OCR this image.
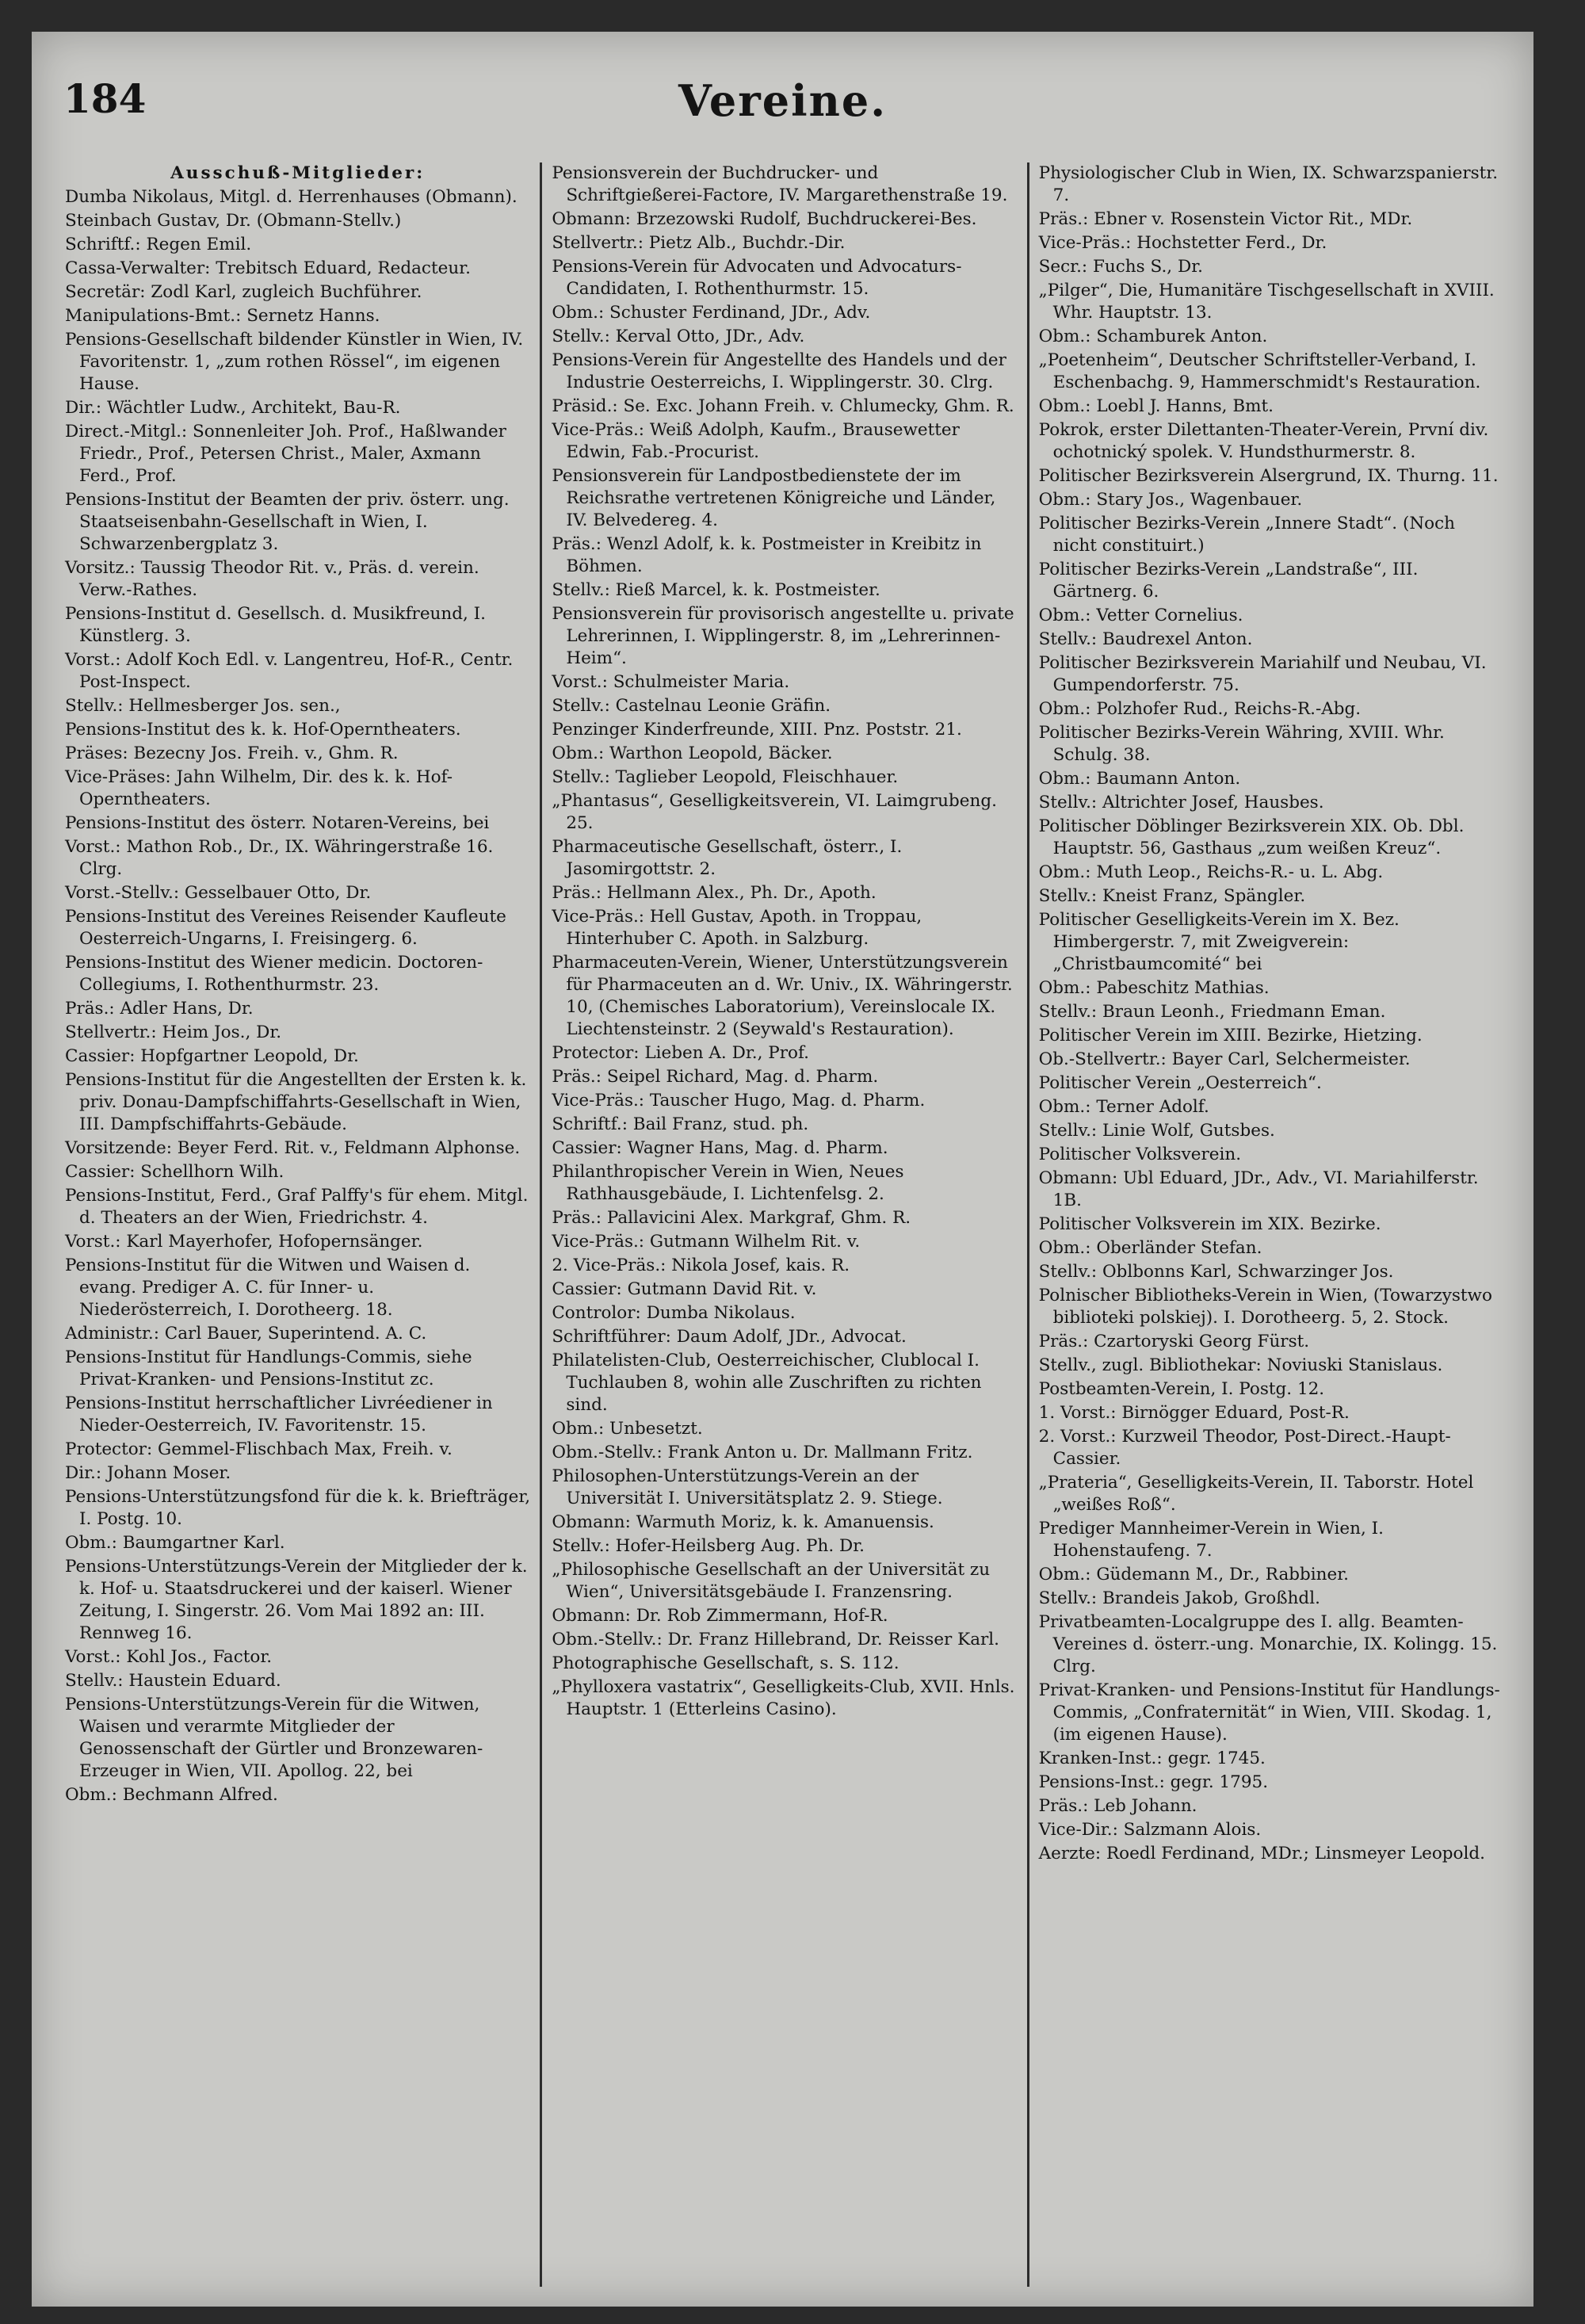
184	Vereine.

Ausschuß-Mitglieder:

Dumba Nikolaus, Mitgl. d. Herrenhauses (Obmann).

Steinbach Gustav, Dr. (Obmann-Stellv.)

Schriftf.: Regen Emil.

Cassa-Verwalter: Trebitsch Eduard, Redacteur.

Secretär: Zodl Karl, zugleich Buchführer.

Manipulations-Bmt.: Sernetz Hanns.

Pensions-Gesellschaft bildender Künstler in Wien, IV. Favoritenstr. 1, „zum rothen Rössel“, im eigenen Hause.

Dir.: Wächtler Ludw., Architekt, Bau-R.

Direct.-Mitgl.: Sonnenleiter Joh. Prof., Haßlwander Friedr., Prof., Petersen Christ., Maler, Axmann Ferd., Prof.

Pensions-Institut der Beamten der priv. österr. ung. Staatseisenbahn-Gesellschaft in Wien, I. Schwarzenbergplatz 3.

Vorsitz.: Taussig Theodor Rit. v., Präs. d. verein. Verw.-Rathes.

Pensions-Institut d. Gesellsch. d. Musikfreund, I. Künstlerg. 3.

Vorst.: Adolf Koch Edl. v. Langentreu, Hof-R., Centr. Post-Inspect.

Stellv.: Hellmesberger Jos. sen.,

Pensions-Institut des k. k. Hof-Operntheaters.

Präses: Bezecny Jos. Freih. v., Ghm. R.

Vice-Präses: Jahn Wilhelm, Dir. des k. k. Hof-Operntheaters.

Pensions-Institut des österr. Notaren-Vereins, bei

Vorst.: Mathon Rob., Dr., IX. Währingerstraße 16. Clrg.

Vorst.-Stellv.: Gesselbauer Otto, Dr.

Pensions-Institut des Vereines Reisender Kaufleute Oesterreich-Ungarns, I. Freisingerg. 6.

Pensions-Institut des Wiener medicin. Doctoren-Collegiums, I. Rothenthurmstr. 23.

Präs.: Adler Hans, Dr.

Stellvertr.: Heim Jos., Dr.

Cassier: Hopfgartner Leopold, Dr.

Pensions-Institut für die Angestellten der Ersten k. k. priv. Donau-Dampfschiffahrts-Gesellschaft in Wien, III. Dampfschiffahrts-Gebäude.

Vorsitzende: Beyer Ferd. Rit. v., Feldmann Alphonse.

Cassier: Schellhorn Wilh.

Pensions-Institut, Ferd., Graf Palffy's für ehem. Mitgl. d. Theaters an der Wien, Friedrichstr. 4.

Vorst.: Karl Mayerhofer, Hofopernsänger.

Pensions-Institut für die Witwen und Waisen d. evang. Prediger A. C. für Inner- u. Niederösterreich, I. Dorotheerg. 18.

Administr.: Carl Bauer, Superintend. A. C.

Pensions-Institut für Handlungs-Commis, siehe Privat-Kranken- und Pensions-Institut zc.

Pensions-Institut herrschaftlicher Livréediener in Nieder-Oesterreich, IV. Favoritenstr. 15.

Protector: Gemmel-Flischbach Max, Freih. v.

Dir.: Johann Moser.

Pensions-Unterstützungsfond für die k. k. Briefträger, I. Postg. 10.

Obm.: Baumgartner Karl.

Pensions-Unterstützungs-Verein der Mitglieder der k. k. Hof- u. Staatsdruckerei und der kaiserl. Wiener Zeitung, I. Singerstr. 26. Vom Mai 1892 an: III. Rennweg 16.

Vorst.: Kohl Jos., Factor.

Stellv.: Haustein Eduard.

Pensions-Unterstützungs-Verein für die Witwen, Waisen und verarmte Mitglieder der Genossenschaft der Gürtler und Bronzewaren-Erzeuger in Wien, VII. Apollog. 22, bei

Obm.: Bechmann Alfred.

Pensionsverein der Buchdrucker- und Schriftgießerei-Factore, IV. Margarethenstraße 19.

Obmann: Brzezowski Rudolf, Buchdruckerei-Bes.

Stellvertr.: Pietz Alb., Buchdr.-Dir.

Pensions-Verein für Advocaten und Advocaturs-Candidaten, I. Rothenthurmstr. 15.

Obm.: Schuster Ferdinand, JDr., Adv.

Stellv.: Kerval Otto, JDr., Adv.

Pensions-Verein für Angestellte des Handels und der Industrie Oesterreichs, I. Wipplingerstr. 30. Clrg.

Präsid.: Se. Exc. Johann Freih. v. Chlumecky, Ghm. R.

Vice-Präs.: Weiß Adolph, Kaufm., Brausewetter Edwin, Fab.-Procurist.

Pensionsverein für Landpostbedienstete der im Reichsrathe vertretenen Königreiche und Länder, IV. Belvedereg. 4.

Präs.: Wenzl Adolf, k. k. Postmeister in Kreibitz in Böhmen.

Stellv.: Rieß Marcel, k. k. Postmeister.

Pensionsverein für provisorisch angestellte u. private Lehrerinnen, I. Wipplingerstr. 8, im „Lehrerinnen-Heim“.

Vorst.: Schulmeister Maria.

Stellv.: Castelnau Leonie Gräfin.

Penzinger Kinderfreunde, XIII. Pnz. Poststr. 21.

Obm.: Warthon Leopold, Bäcker.

Stellv.: Taglieber Leopold, Fleischhauer.

„Phantasus“, Geselligkeitsverein, VI. Laimgrubeng. 25.

Pharmaceutische Gesellschaft, österr., I. Jasomirgottstr. 2.

Präs.: Hellmann Alex., Ph. Dr., Apoth.

Vice-Präs.: Hell Gustav, Apoth. in Troppau, Hinterhuber C. Apoth. in Salzburg.

Pharmaceuten-Verein, Wiener, Unterstützungsverein für Pharmaceuten an d. Wr. Univ., IX. Währingerstr. 10, (Chemisches Laboratorium), Vereinslocale IX. Liechtensteinstr. 2 (Seywald's Restauration).

Protector: Lieben A. Dr., Prof.

Präs.: Seipel Richard, Mag. d. Pharm.

Vice-Präs.: Tauscher Hugo, Mag. d. Pharm.

Schriftf.: Bail Franz, stud. ph.

Cassier: Wagner Hans, Mag. d. Pharm.

Philanthropischer Verein in Wien, Neues Rathhausgebäude, I. Lichtenfelsg. 2.

Präs.: Pallavicini Alex. Markgraf, Ghm. R.

Vice-Präs.: Gutmann Wilhelm Rit. v.

2. Vice-Präs.: Nikola Josef, kais. R.

Cassier: Gutmann David Rit. v.

Controlor: Dumba Nikolaus.

Schriftführer: Daum Adolf, JDr., Advocat.

Philatelisten-Club, Oesterreichischer, Clublocal I. Tuchlauben 8, wohin alle Zuschriften zu richten sind.

Obm.: Unbesetzt.

Obm.-Stellv.: Frank Anton u. Dr. Mallmann Fritz.

Philosophen-Unterstützungs-Verein an der Universität I. Universitätsplatz 2. 9. Stiege.

Obmann: Warmuth Moriz, k. k. Amanuensis.

Stellv.: Hofer-Heilsberg Aug. Ph. Dr.

„Philosophische Gesellschaft an der Universität zu Wien“, Universitätsgebäude I. Franzensring.

Obmann: Dr. Rob Zimmermann, Hof-R.

Obm.-Stellv.: Dr. Franz Hillebrand, Dr. Reisser Karl.

Photographische Gesellschaft, s. S. 112.

„Phylloxera vastatrix“, Geselligkeits-Club, XVII. Hnls. Hauptstr. 1 (Etterleins Casino).

Physiologischer Club in Wien, IX. Schwarzspanierstr. 7.

Präs.: Ebner v. Rosenstein Victor Rit., MDr.

Vice-Präs.: Hochstetter Ferd., Dr.

Secr.: Fuchs S., Dr.

„Pilger“, Die, Humanitäre Tischgesellschaft in XVIII. Whr. Hauptstr. 13.

Obm.: Schamburek Anton.

„Poetenheim“, Deutscher Schriftsteller-Verband, I. Eschenbachg. 9, Hammerschmidt's Restauration.

Obm.: Loebl J. Hanns, Bmt.

Pokrok, erster Dilettanten-Theater-Verein, První div. ochotnický spolek. V. Hundsthurmerstr. 8.

Politischer Bezirksverein Alsergrund, IX. Thurng. 11.

Obm.: Stary Jos., Wagenbauer.

Politischer Bezirks-Verein „Innere Stadt“. (Noch nicht constituirt.)

Politischer Bezirks-Verein „Landstraße“, III. Gärtnerg. 6.

Obm.: Vetter Cornelius.

Stellv.: Baudrexel Anton.

Politischer Bezirksverein Mariahilf und Neubau, VI. Gumpendorferstr. 75.

Obm.: Polzhofer Rud., Reichs-R.-Abg.

Politischer Bezirks-Verein Währing, XVIII. Whr. Schulg. 38.

Obm.: Baumann Anton.

Stellv.: Altrichter Josef, Hausbes.

Politischer Döblinger Bezirksverein XIX. Ob. Dbl. Hauptstr. 56, Gasthaus „zum weißen Kreuz“.

Obm.: Muth Leop., Reichs-R.- u. L. Abg.

Stellv.: Kneist Franz, Spängler.

Politischer Geselligkeits-Verein im X. Bez. Himbergerstr. 7, mit Zweigverein: „Christbaumcomité“ bei

Obm.: Pabeschitz Mathias.

Stellv.: Braun Leonh., Friedmann Eman.

Politischer Verein im XIII. Bezirke, Hietzing.

Ob.-Stellvertr.: Bayer Carl, Selchermeister.

Politischer Verein „Oesterreich“.

Obm.: Terner Adolf.

Stellv.: Linie Wolf, Gutsbes.

Politischer Volksverein.

Obmann: Ubl Eduard, JDr., Adv., VI. Mariahilferstr. 1B.

Politischer Volksverein im XIX. Bezirke.

Obm.: Oberländer Stefan.

Stellv.: Oblbonns Karl, Schwarzinger Jos.

Polnischer Bibliotheks-Verein in Wien, (Towarzystwo biblioteki polskiej). I. Dorotheerg. 5, 2. Stock.

Präs.: Czartoryski Georg Fürst.

Stellv., zugl. Bibliothekar: Noviuski Stanislaus.

Postbeamten-Verein, I. Postg. 12.

1. Vorst.: Birnögger Eduard, Post-R.

2. Vorst.: Kurzweil Theodor, Post-Direct.-Haupt-Cassier.

„Prateria“, Geselligkeits-Verein, II. Taborstr. Hotel „weißes Roß“.

Prediger Mannheimer-Verein in Wien, I. Hohenstaufeng. 7.

Obm.: Güdemann M., Dr., Rabbiner.

Stellv.: Brandeis Jakob, Großhdl.

Privatbeamten-Localgruppe des I. allg. Beamten-Vereines d. österr.-ung. Monarchie, IX. Kolingg. 15. Clrg.

Privat-Kranken- und Pensions-Institut für Handlungs-Commis, „Confraternität“ in Wien, VIII. Skodag. 1, (im eigenen Hause).

Kranken-Inst.: gegr. 1745.

Pensions-Inst.: gegr. 1795.

Präs.: Leb Johann.

Vice-Dir.: Salzmann Alois.

Aerzte: Roedl Ferdinand, MDr.; Linsmeyer Leopold.
